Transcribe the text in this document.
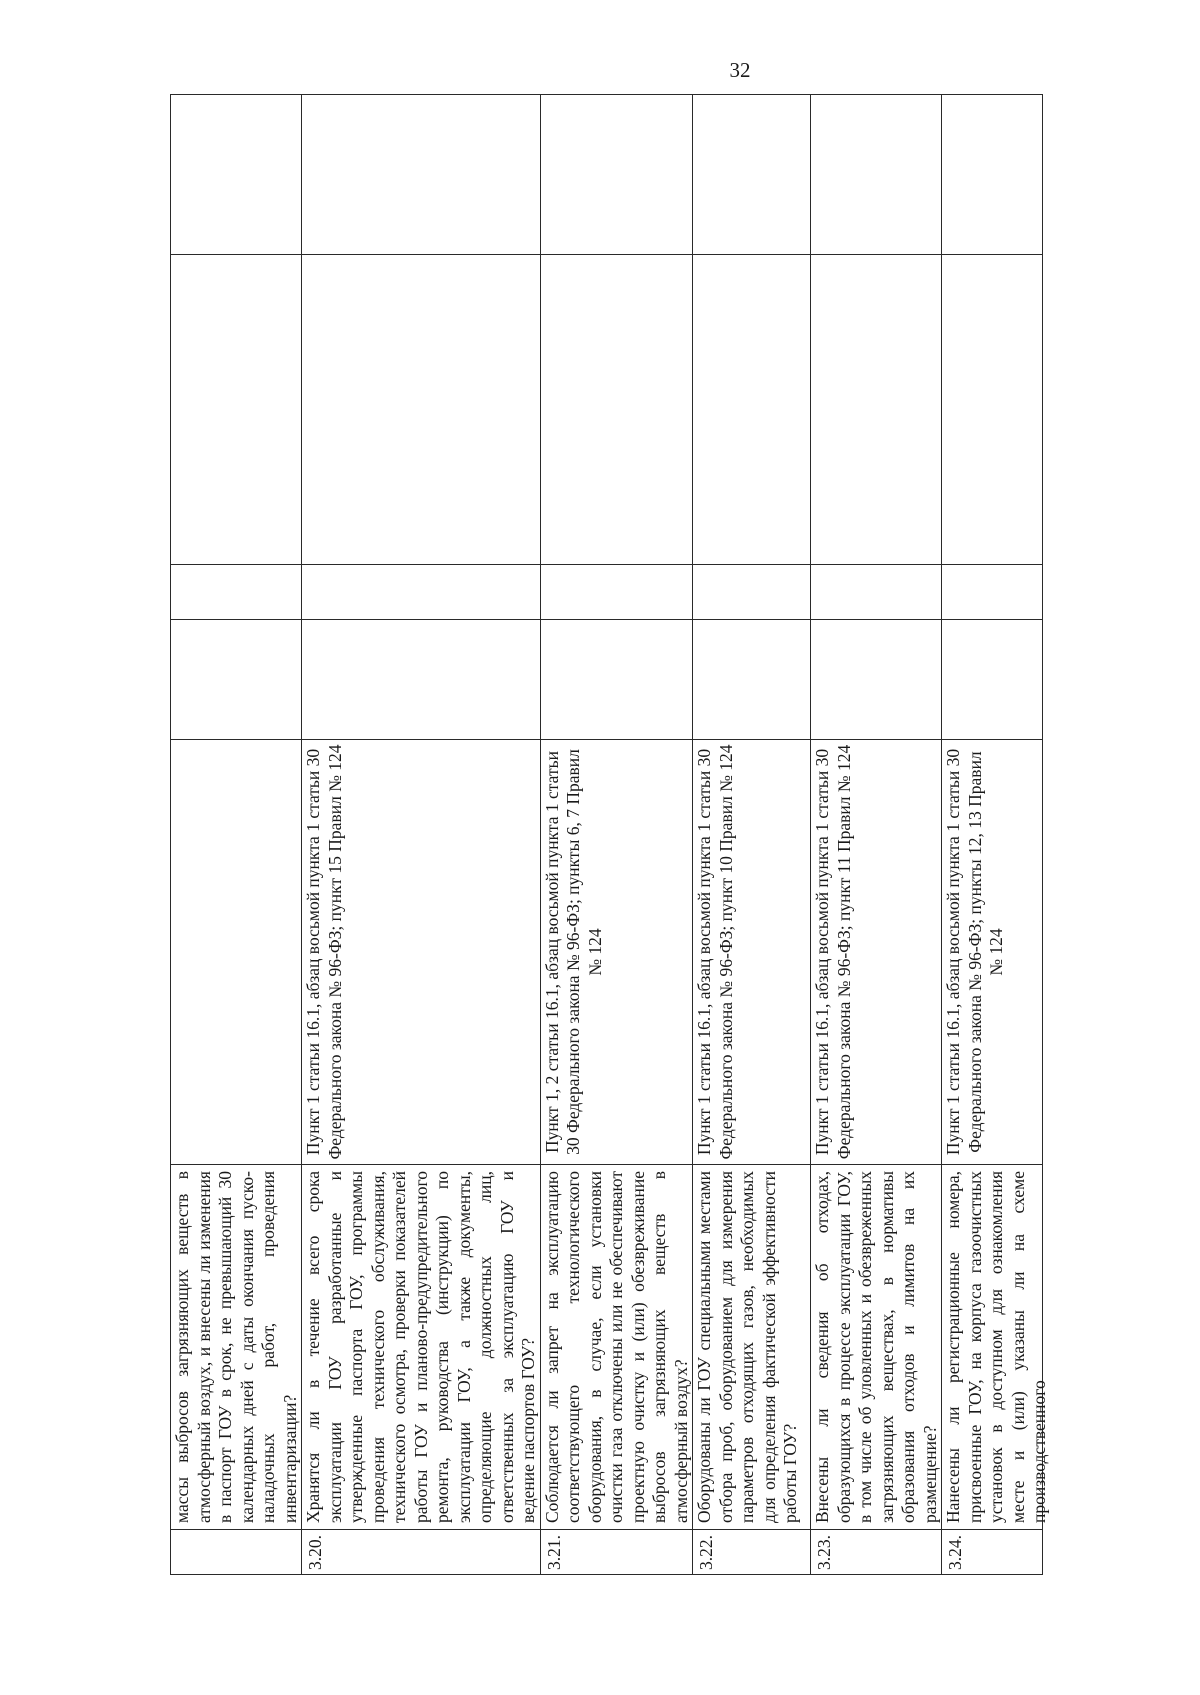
32
	массы выбросов загрязняющих веществ в атмосферный воздух, и внесены ли изменения в паспорт ГОУ в срок, не превышающий 30 календарных дней с даты окончания пуско-наладочных работ, проведения инвентаризации?					
3.20.	Хранятся ли в течение всего срока эксплуатации ГОУ разработанные и утвержденные паспорта ГОУ, программы проведения технического обслуживания, технического осмотра, проверки показателей работы ГОУ и планово-предупредительного ремонта, руководства (инструкции) по эксплуатации ГОУ, а также документы, определяющие должностных лиц, ответственных за эксплуатацию ГОУ и ведение паспортов ГОУ?	Пункт 1 статьи 16.1, абзац восьмой пункта 1 статьи 30 Федерального закона № 96-ФЗ; пункт 15 Правил № 124				
3.21.	Соблюдается ли запрет на эксплуатацию соответствующего технологического оборудования, в случае, если установки очистки газа отключены или не обеспечивают проектную очистку и (или) обезвреживание выбросов загрязняющих веществ в атмосферный воздух?	Пункт 1, 2 статьи 16.1, абзац восьмой пункта 1 статьи 30 Федерального закона № 96-ФЗ; пункты 6, 7 Правил № 124				
3.22.	Оборудованы ли ГОУ специальными местами отбора проб, оборудованием для измерения параметров отходящих газов, необходимых для определения фактической эффективности работы ГОУ?	Пункт 1 статьи 16.1, абзац восьмой пункта 1 статьи 30 Федерального закона № 96-ФЗ; пункт 10 Правил № 124				
3.23.	Внесены ли сведения об отходах, образующихся в процессе эксплуатации ГОУ, в том числе об уловленных и обезвреженных загрязняющих веществах, в нормативы образования отходов и лимитов на их размещение?	Пункт 1 статьи 16.1, абзац восьмой пункта 1 статьи 30 Федерального закона № 96-ФЗ; пункт 11 Правил № 124				
3.24.	Нанесены ли регистрационные номера, присвоенные ГОУ, на корпуса газоочистных установок в доступном для ознакомления месте и (или) указаны ли на схеме производственного	Пункт 1 статьи 16.1, абзац восьмой пункта 1 статьи 30 Федерального закона № 96-ФЗ; пункты 12, 13 Правил № 124				
